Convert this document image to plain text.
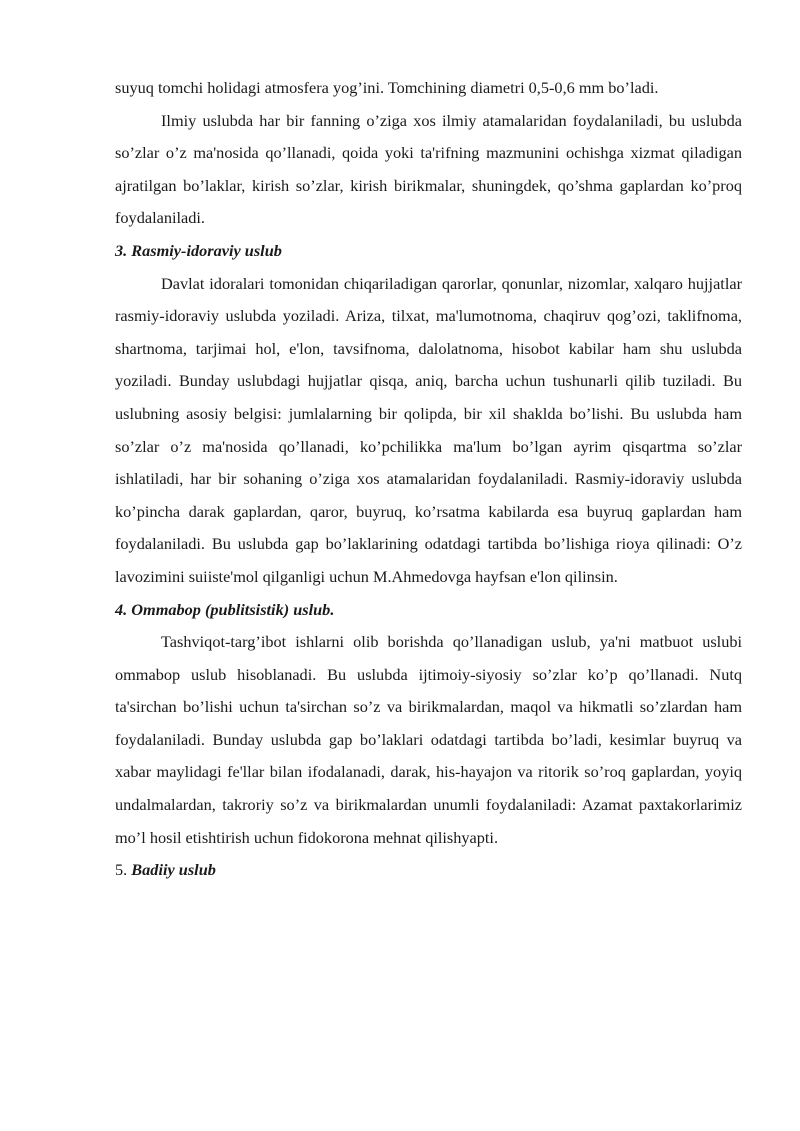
suyuq tomchi holidagi atmosfera yog’ini. Tomchining diametri 0,5-0,6 mm bo’ladi.

Ilmiy uslubda har bir fanning o’ziga xos ilmiy atamalaridan foydalaniladi, bu uslubda so’zlar o’z ma'nosida qo’llanadi, qoida yoki ta'rifning mazmunini ochishga xizmat qiladigan ajratilgan bo’laklar, kirish so’zlar, kirish birikmalar, shuningdek, qo’shma gaplardan ko’proq foydalaniladi.

3. Rasmiy-idoraviy uslub

Davlat idoralari tomonidan chiqariladigan qarorlar, qonunlar, nizomlar, xalqaro hujjatlar rasmiy-idoraviy uslubda yoziladi. Ariza, tilxat, ma'lumotnoma, chaqiruv qog’ozi, taklifnoma, shartnoma, tarjimai hol, e'lon, tavsifnoma, dalolatnoma, hisobot kabilar ham shu uslubda yoziladi. Bunday uslubdagi hujjatlar qisqa, aniq, barcha uchun tushunarli qilib tuziladi. Bu uslubning asosiy belgisi: jumlalarning bir qolipda, bir xil shaklda bo’lishi. Bu uslubda ham so’zlar o’z ma'nosida qo’llanadi, ko’pchilikka ma'lum bo’lgan ayrim qisqartma so’zlar ishlatiladi, har bir sohaning o’ziga xos atamalaridan foydalaniladi. Rasmiy-idoraviy uslubda ko’pincha darak gaplardan, qaror, buyruq, ko’rsatma kabilarda esa buyruq gaplardan ham foydalaniladi. Bu uslubda gap bo’laklarining odatdagi tartibda bo’lishiga rioya qilinadi: O’z lavozimini suiiste'mol qilganligi uchun M.Ahmedovga hayfsan e'lon qilinsin.

4. Ommabop (publitsistik) uslub.

Tashviqot-targ’ibot ishlarni olib borishda qo’llanadigan uslub, ya'ni matbuot uslubi ommabop uslub hisoblanadi. Bu uslubda ijtimoiy-siyosiy so’zlar ko’p qo’llanadi. Nutq ta'sirchan bo’lishi uchun ta'sirchan so’z va birikmalardan, maqol va hikmatli so’zlardan ham foydalaniladi. Bunday uslubda gap bo’laklari odatdagi tartibda bo’ladi, kesimlar buyruq va xabar maylidagi fe'llar bilan ifodalanadi, darak, his-hayajon va ritorik so’roq gaplardan, yoyiq undalmalardan, takroriy so’z va birikmalardan unumli foydalaniladi: Azamat paxtakorlarimiz mo’l hosil etishtirish uchun fidokorona mehnat qilishyapti.

5. Badiiy uslub
